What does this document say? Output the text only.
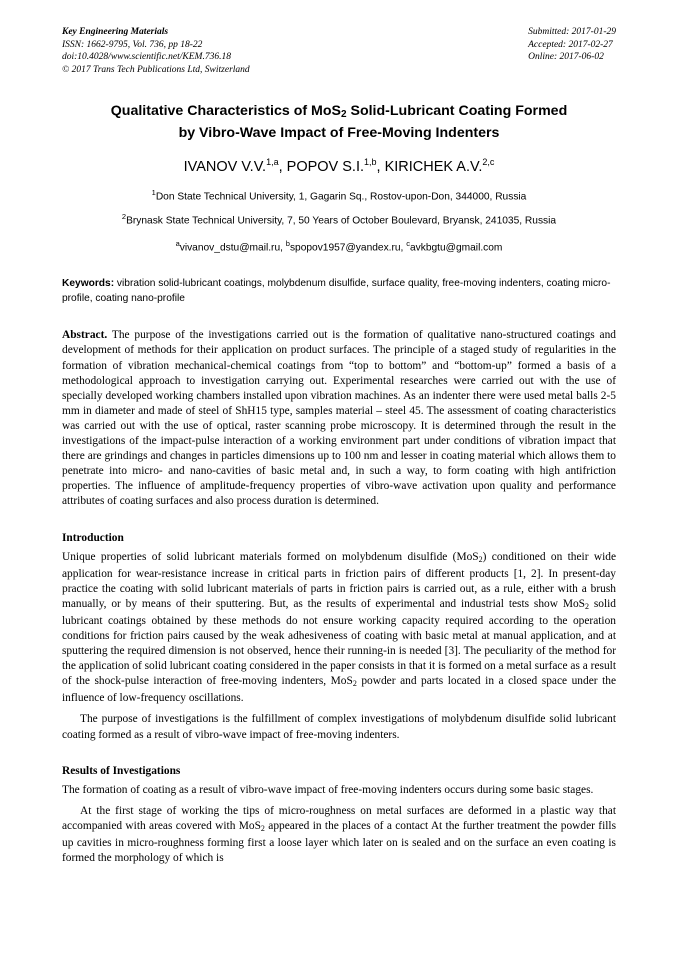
Key Engineering Materials
ISSN: 1662-9795, Vol. 736, pp 18-22
doi:10.4028/www.scientific.net/KEM.736.18
© 2017 Trans Tech Publications Ltd, Switzerland
Submitted: 2017-01-29
Accepted: 2017-02-27
Online: 2017-06-02
Qualitative Characteristics of MoS$_2$ Solid-Lubricant Coating Formed
by Vibro-Wave Impact of Free-Moving Indenters
IVANOV V.V.$^{1,a}$, POPOV S.I.$^{1,b}$, KIRICHEK A.V.$^{2,c}$
$^1$Don State Technical University, 1, Gagarin Sq., Rostov-upon-Don, 344000, Russia
$^2$Brynask State Technical University, 7, 50 Years of October Boulevard, Bryansk, 241035, Russia
$^a$vivanov_dstu@mail.ru, $^b$spopov1957@yandex.ru, $^c$avkbgtu@gmail.com
Keywords: vibration solid-lubricant coatings, molybdenum disulfide, surface quality, free-moving indenters, coating micro-profile, coating nano-profile
Abstract. The purpose of the investigations carried out is the formation of qualitative nano-structured coatings and development of methods for their application on product surfaces. The principle of a staged study of regularities in the formation of vibration mechanical-chemical coatings from “top to bottom” and “bottom-up” formed a basis of a methodological approach to investigation carrying out. Experimental researches were carried out with the use of specially developed working chambers installed upon vibration machines. As an indenter there were used metal balls 2-5 mm in diameter and made of steel of ShH15 type, samples material – steel 45. The assessment of coating characteristics was carried out with the use of optical, raster scanning probe microscopy. It is determined through the result in the investigations of the impact-pulse interaction of a working environment part under conditions of vibration impact that there are grindings and changes in particles dimensions up to 100 nm and lesser in coating material which allows them to penetrate into micro- and nano-cavities of basic metal and, in such a way, to form coating with high antifriction properties. The influence of amplitude-frequency properties of vibro-wave activation upon quality and performance attributes of coating surfaces and also process duration is determined.
Introduction

Unique properties of solid lubricant materials formed on molybdenum disulfide (MoS$_2$) conditioned on their wide application for wear-resistance increase in critical parts in friction pairs of different products [1, 2]. In present-day practice the coating with solid lubricant materials of parts in friction pairs is carried out, as a rule, either with a brush manually, or by means of their sputtering. But, as the results of experimental and industrial tests show MoS$_2$ solid lubricant coatings obtained by these methods do not ensure working capacity required according to the operation conditions for friction pairs caused by the weak adhesiveness of coating with basic metal at manual application, and at sputtering the required dimension is not observed, hence their running-in is needed [3]. The peculiarity of the method for the application of solid lubricant coating considered in the paper consists in that it is formed on a metal surface as a result of the shock-pulse interaction of free-moving indenters, MoS$_2$ powder and parts located in a closed space under the influence of low-frequency oscillations.

The purpose of investigations is the fulfillment of complex investigations of molybdenum disulfide solid lubricant coating formed as a result of vibro-wave impact of free-moving indenters.

Results of Investigations

The formation of coating as a result of vibro-wave impact of free-moving indenters occurs during some basic stages.

At the first stage of working the tips of micro-roughness on metal surfaces are deformed in a plastic way that accompanied with areas covered with MoS$_2$ appeared in the places of a contact At the further treatment the powder fills up cavities in micro-roughness forming first a loose layer which later on is sealed and on the surface an even coating is formed the morphology of which is
